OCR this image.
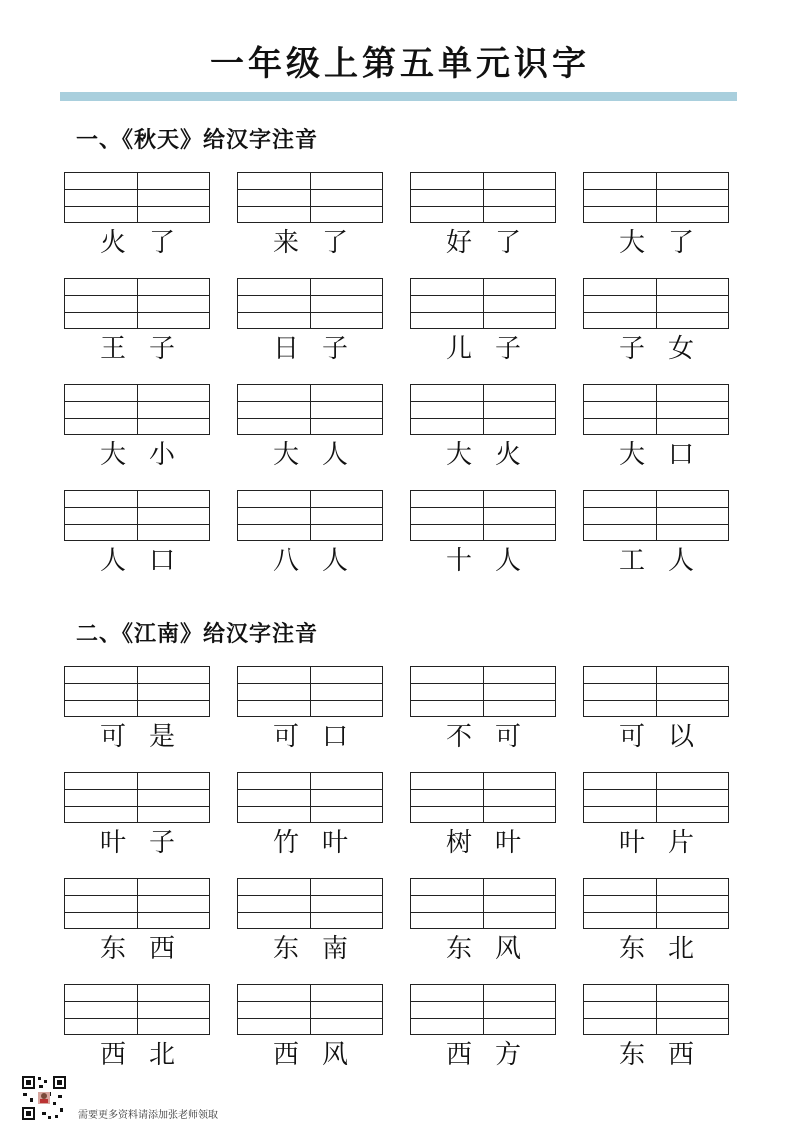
一年级上第五单元识字
一、《秋天》给汉字注音
火 了	来 了	好 了	大 了
王 子	日 子	儿 子	子 女
大 小	大 人	大 火	大 口
人 口	八 人	十 人	工 人
二、《江南》给汉字注音
可 是	可 口	不 可	可 以
叶 子	竹 叶	树 叶	叶 片
东 西	东 南	东 风	东 北
西 北	西 风	西 方	东 西
需要更多资料请添加张老师领取
